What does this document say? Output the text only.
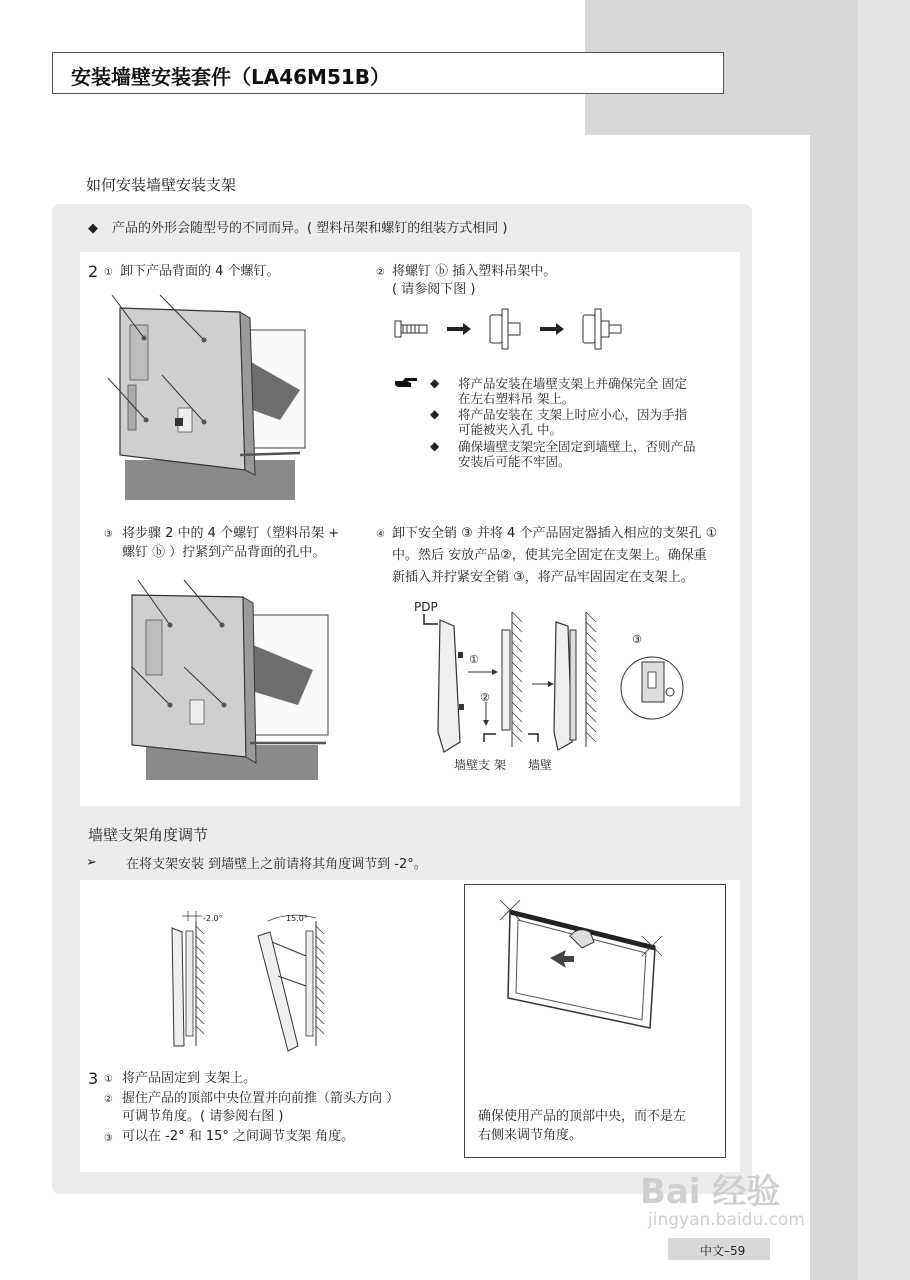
安装墙壁安装套件（LA46M51B）
如何安装墙壁安装支架
◆ 产品的外形会随型号的不同而异。( 塑料吊架和螺钉的组装方式相同 )
2 ① 卸下产品背面的 4 个螺钉。	② 将螺钉 ⓑ 插入塑料吊架中。
( 请参阅下图 )
◆ 将产品安装在墙壁支架上并确保完全 固定
在左右塑料吊 架上。
◆ 将产品安装在 支架上时应小心，因为手指
可能被夹入孔 中。
◆ 确保墙壁支架完全固定到墙壁上，否则产品
安装后可能不牢固。
③ 将步骤 2 中的 4 个螺钉（塑料吊架 +
螺钉 ⓑ ）拧紧到产品背面的孔中。
④ 卸下安全销 ③ 并将 4 个产品固定器插入相应的支架孔 ①
中。然后 安放产品②，使其完全固定在支架上。确保重
新插入并拧紧安全销 ③，将产品牢固固定在支架上。
PDP
①
②
③
墙壁支 架 墙壁
墙壁支架角度调节
➢ 在将支架安装 到墙壁上之前请将其角度调节到 -2°。
-2.0°	15.0°
3 ① 将产品固定到 支架上。
② 握住产品的顶部中央位置并向前推（箭头方向 ）
可调节角度。( 请参阅右图 )
③ 可以在 -2° 和 15° 之间调节支架 角度。
确保使用产品的顶部中央，而不是左
右侧来调节角度。
Bai 经验
jingyan.baidu.com
中文–59
